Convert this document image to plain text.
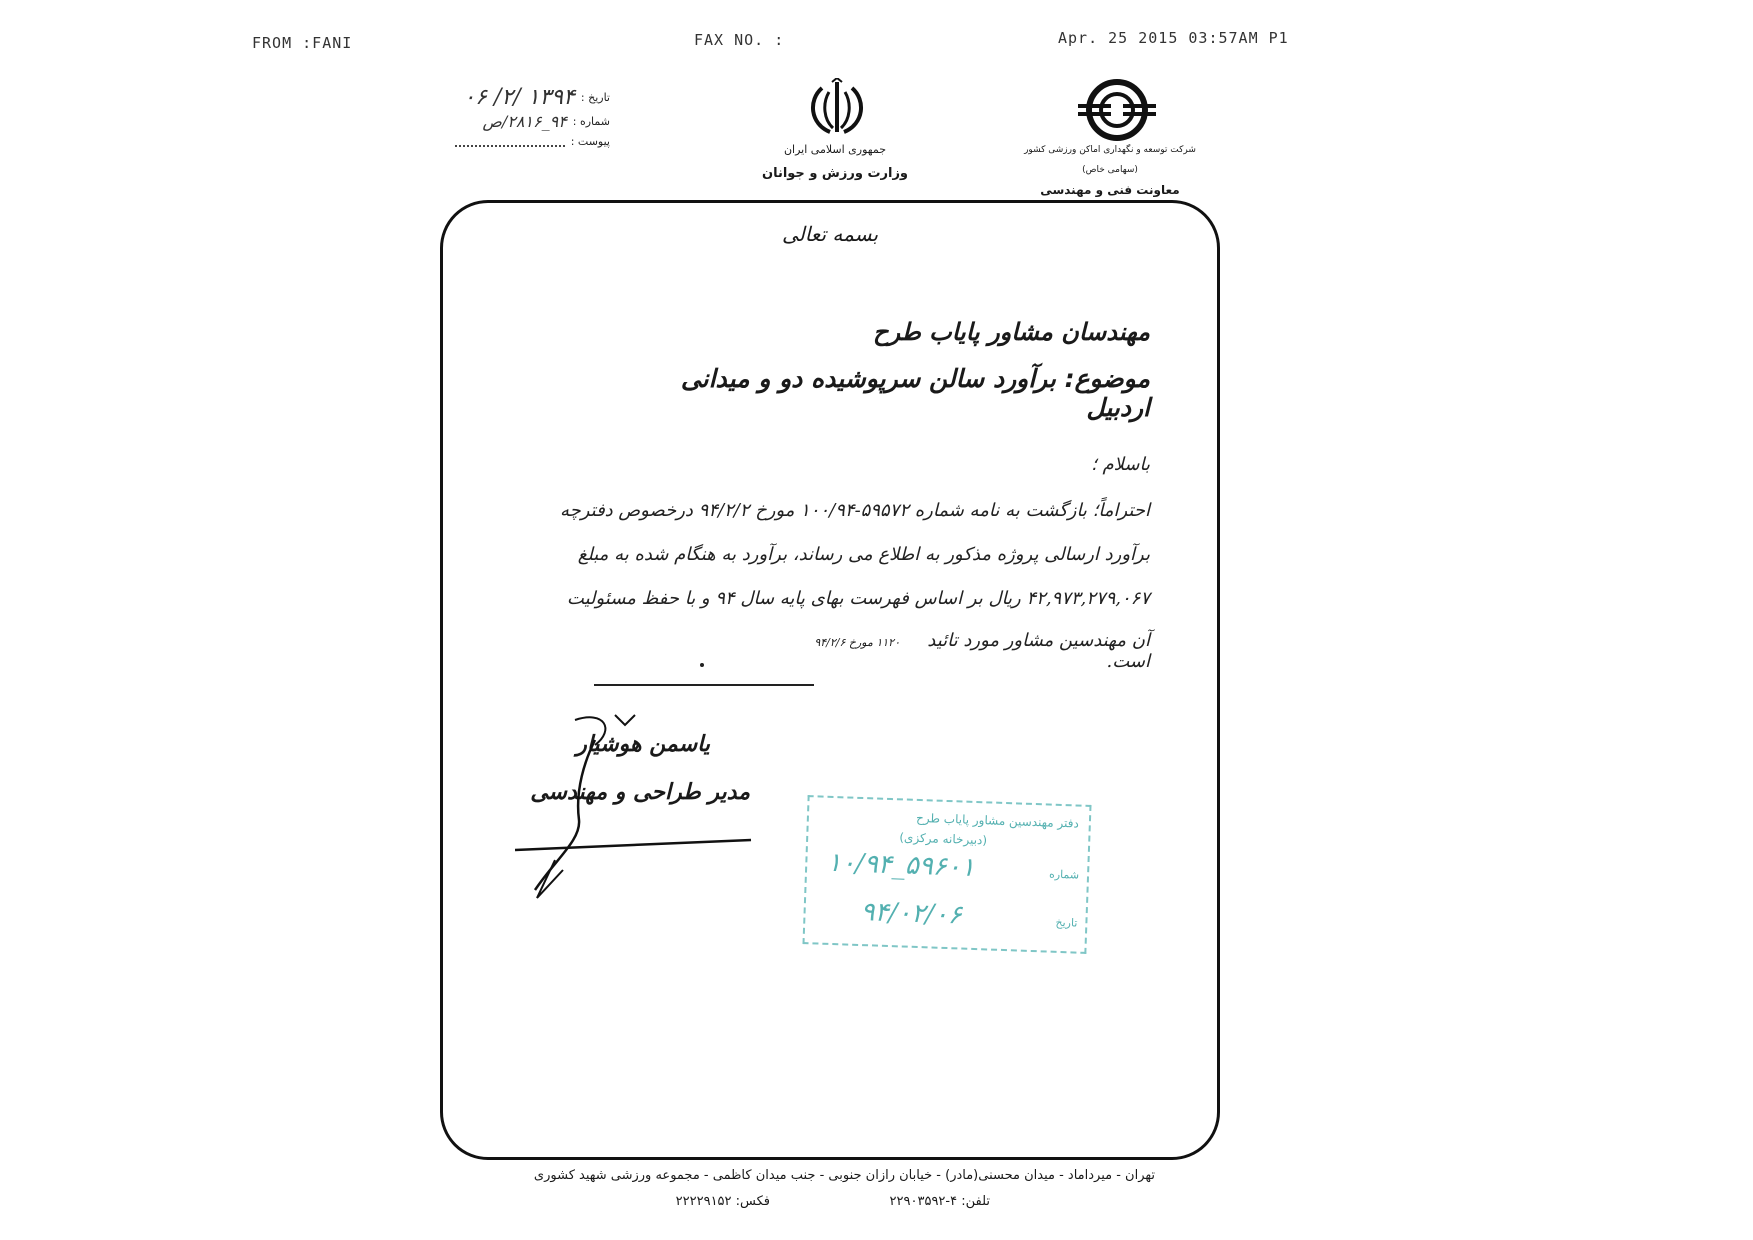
FROM :FANI	FAX NO. :	Apr. 25 2015 03:57AM P1
تاریخ :
۱۳۹۴ /۲/ ۰۶
شماره :
۹۴_۲۸۱۶/ص
پیوست :
جمهوری اسلامی ایران
وزارت ورزش و جوانان
شرکت توسعه و نگهداری اماکن ورزشی کشور
(سهامی خاص)
معاونت فنی و مهندسی
بسمه تعالی
مهندسان مشاور پایاب طرح
موضوع: برآورد سالن سرپوشیده دو و میدانی اردبیل
باسلام ؛
احتراماً؛ بازگشت به نامه شماره ۵۹۵۷۲-۱۰۰/۹۴ مورخ ۹۴/۲/۲ درخصوص دفترچه
برآورد ارسالی پروژه مذکور به اطلاع می رساند، برآورد به هنگام شده به مبلغ
۴۲,۹۷۳,۲۷۹,۰۶۷ ریال بر اساس فهرست بهای پایه سال ۹۴ و با حفظ مسئولیت
آن مهندسین مشاور مورد تائید است.
۱۱۲۰ مورخ ۹۴/۲/۶
یاسمن هوشیار
مدیر طراحی و مهندسی
دفتر مهندسین مشاور پایاب طرح
(دبیرخانه مرکزی)
شماره
۱۰/۹۴_۵۹۶۰۱
تاریخ
۹۴/۰۲/۰۶
تهران - میرداماد - میدان محسنی(مادر) - خیابان رازان جنوبی - جنب میدان کاظمی - مجموعه ورزشی شهید کشوری
تلفن: ۴-۲۲۹۰۳۵۹۲
فکس: ۲۲۲۲۹۱۵۲
